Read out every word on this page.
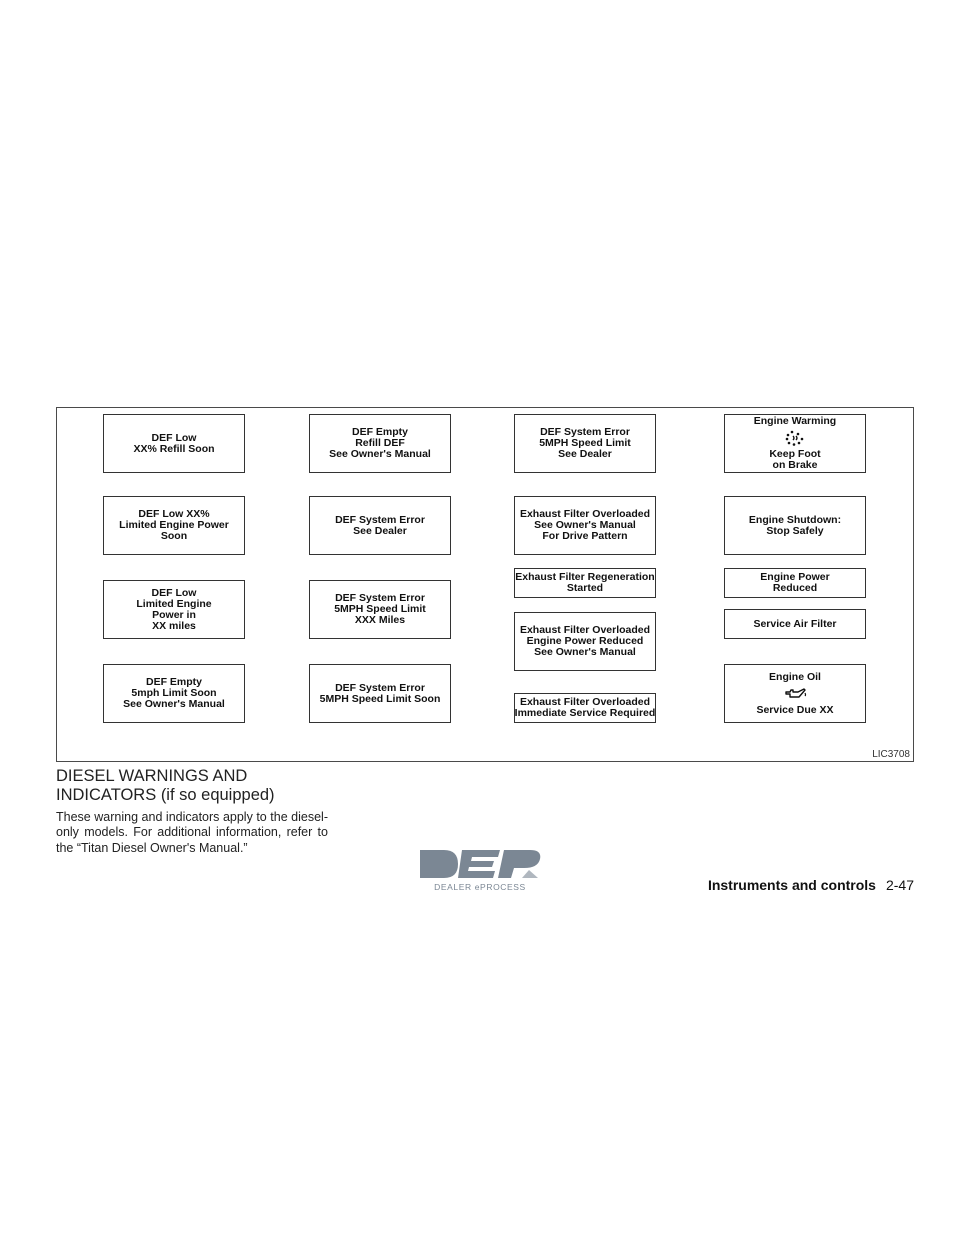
DEF Low
XX% Refill Soon
DEF Low XX%
Limited Engine Power
Soon
DEF Low
Limited Engine
Power in
XX miles
DEF Empty
5mph Limit Soon
See Owner's Manual
DEF Empty
Refill DEF
See Owner's Manual
DEF System Error
See Dealer
DEF System Error
5MPH Speed Limit
XXX Miles
DEF System Error
5MPH Speed Limit Soon
DEF System Error
5MPH Speed Limit
See Dealer
Exhaust Filter Overloaded
See Owner's Manual
For Drive Pattern
Exhaust Filter Regeneration
Started
Exhaust Filter Overloaded
Engine Power Reduced
See Owner's Manual
Exhaust Filter Overloaded
Immediate Service Required
Engine Warming
Keep Foot
on Brake
Engine Shutdown:
Stop Safely
Engine Power
Reduced
Service Air Filter
Engine Oil
Service Due XX
LIC3708
DIESEL WARNINGS AND
INDICATORS (if so equipped)

These warning and indicators apply to the diesel-only models. For additional information, refer to the “Titan Diesel Owner's Manual.”

DEALER ePROCESS	Instruments and controls 2-47
